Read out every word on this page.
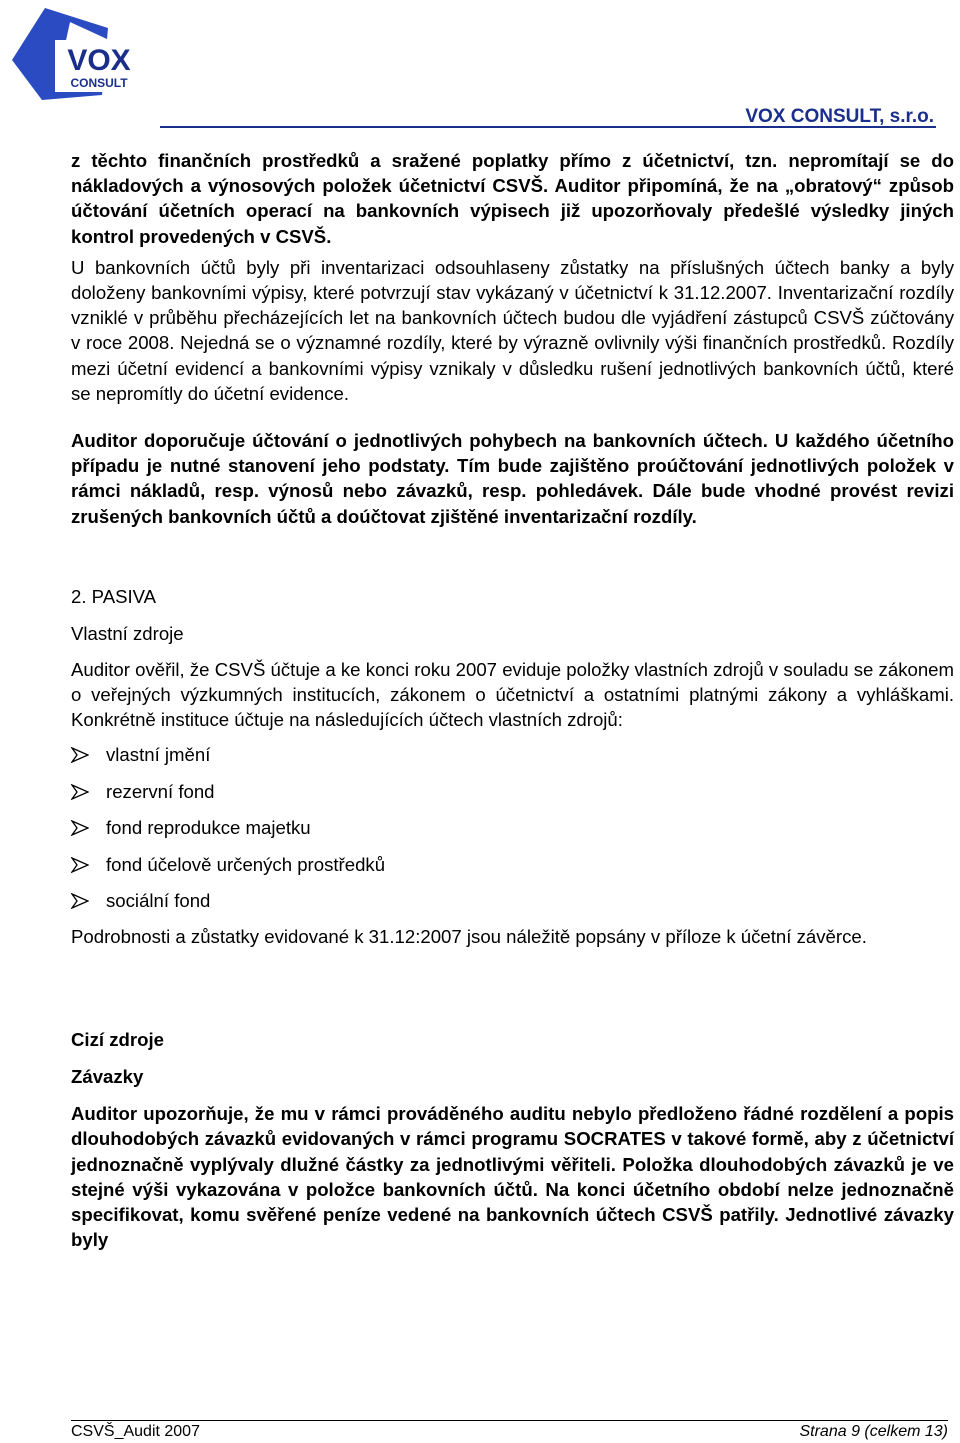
VOX
CONSULT
VOX CONSULT, s.r.o.

z těchto finančních prostředků a sražené poplatky přímo z účetnictví, tzn. nepromítají se do nákladových a výnosových položek účetnictví CSVŠ. Auditor připomíná, že na „obratový“ způsob účtování účetních operací na bankovních výpisech již upozorňovaly předešlé výsledky jiných kontrol provedených v CSVŠ.

U bankovních účtů byly při inventarizaci odsouhlaseny zůstatky na příslušných účtech banky a byly doloženy bankovními výpisy, které potvrzují stav vykázaný v účetnictví k 31.12.2007. Inventarizační rozdíly vzniklé v průběhu přecházejících let na bankovních účtech budou dle vyjádření zástupců CSVŠ zúčtovány v roce 2008. Nejedná se o významné rozdíly, které by výrazně ovlivnily výši finančních prostředků. Rozdíly mezi účetní evidencí a bankovními výpisy vznikaly v důsledku rušení jednotlivých bankovních účtů, které se nepromítly do účetní evidence.

Auditor doporučuje účtování o jednotlivých pohybech na bankovních účtech. U každého účetního případu je nutné stanovení jeho podstaty. Tím bude zajištěno proúčtování jednotlivých položek v rámci nákladů, resp. výnosů nebo závazků, resp. pohledávek. Dále bude vhodné provést revizi zrušených bankovních účtů a doúčtovat zjištěné inventarizační rozdíly.

2. PASIVA
Vlastní zdroje

Auditor ověřil, že CSVŠ účtuje a ke konci roku 2007 eviduje položky vlastních zdrojů v souladu se zákonem o veřejných výzkumných institucích, zákonem o účetnictví a ostatními platnými zákony a vyhláškami. Konkrétně instituce účtuje na následujících účtech vlastních zdrojů:

vlastní jmění
rezervní fond
fond reprodukce majetku
fond účelově určených prostředků
sociální fond

Podrobnosti a zůstatky evidované k 31.12:2007 jsou náležitě popsány v příloze k účetní závěrce.

Cizí zdroje
Závazky

Auditor upozorňuje, že mu v rámci prováděného auditu nebylo předloženo řádné rozdělení a popis dlouhodobých závazků evidovaných v rámci programu SOCRATES v takové formě, aby z účetnictví jednoznačně vyplývaly dlužné částky za jednotlivými věřiteli. Položka dlouhodobých závazků je ve stejné výši vykazována v položce bankovních účtů. Na konci účetního období nelze jednoznačně specifikovat, komu svěřené peníze vedené na bankovních účtech CSVŠ patřily. Jednotlivé závazky byly

CSVŠ_Audit 2007	Strana 9 (celkem 13)
